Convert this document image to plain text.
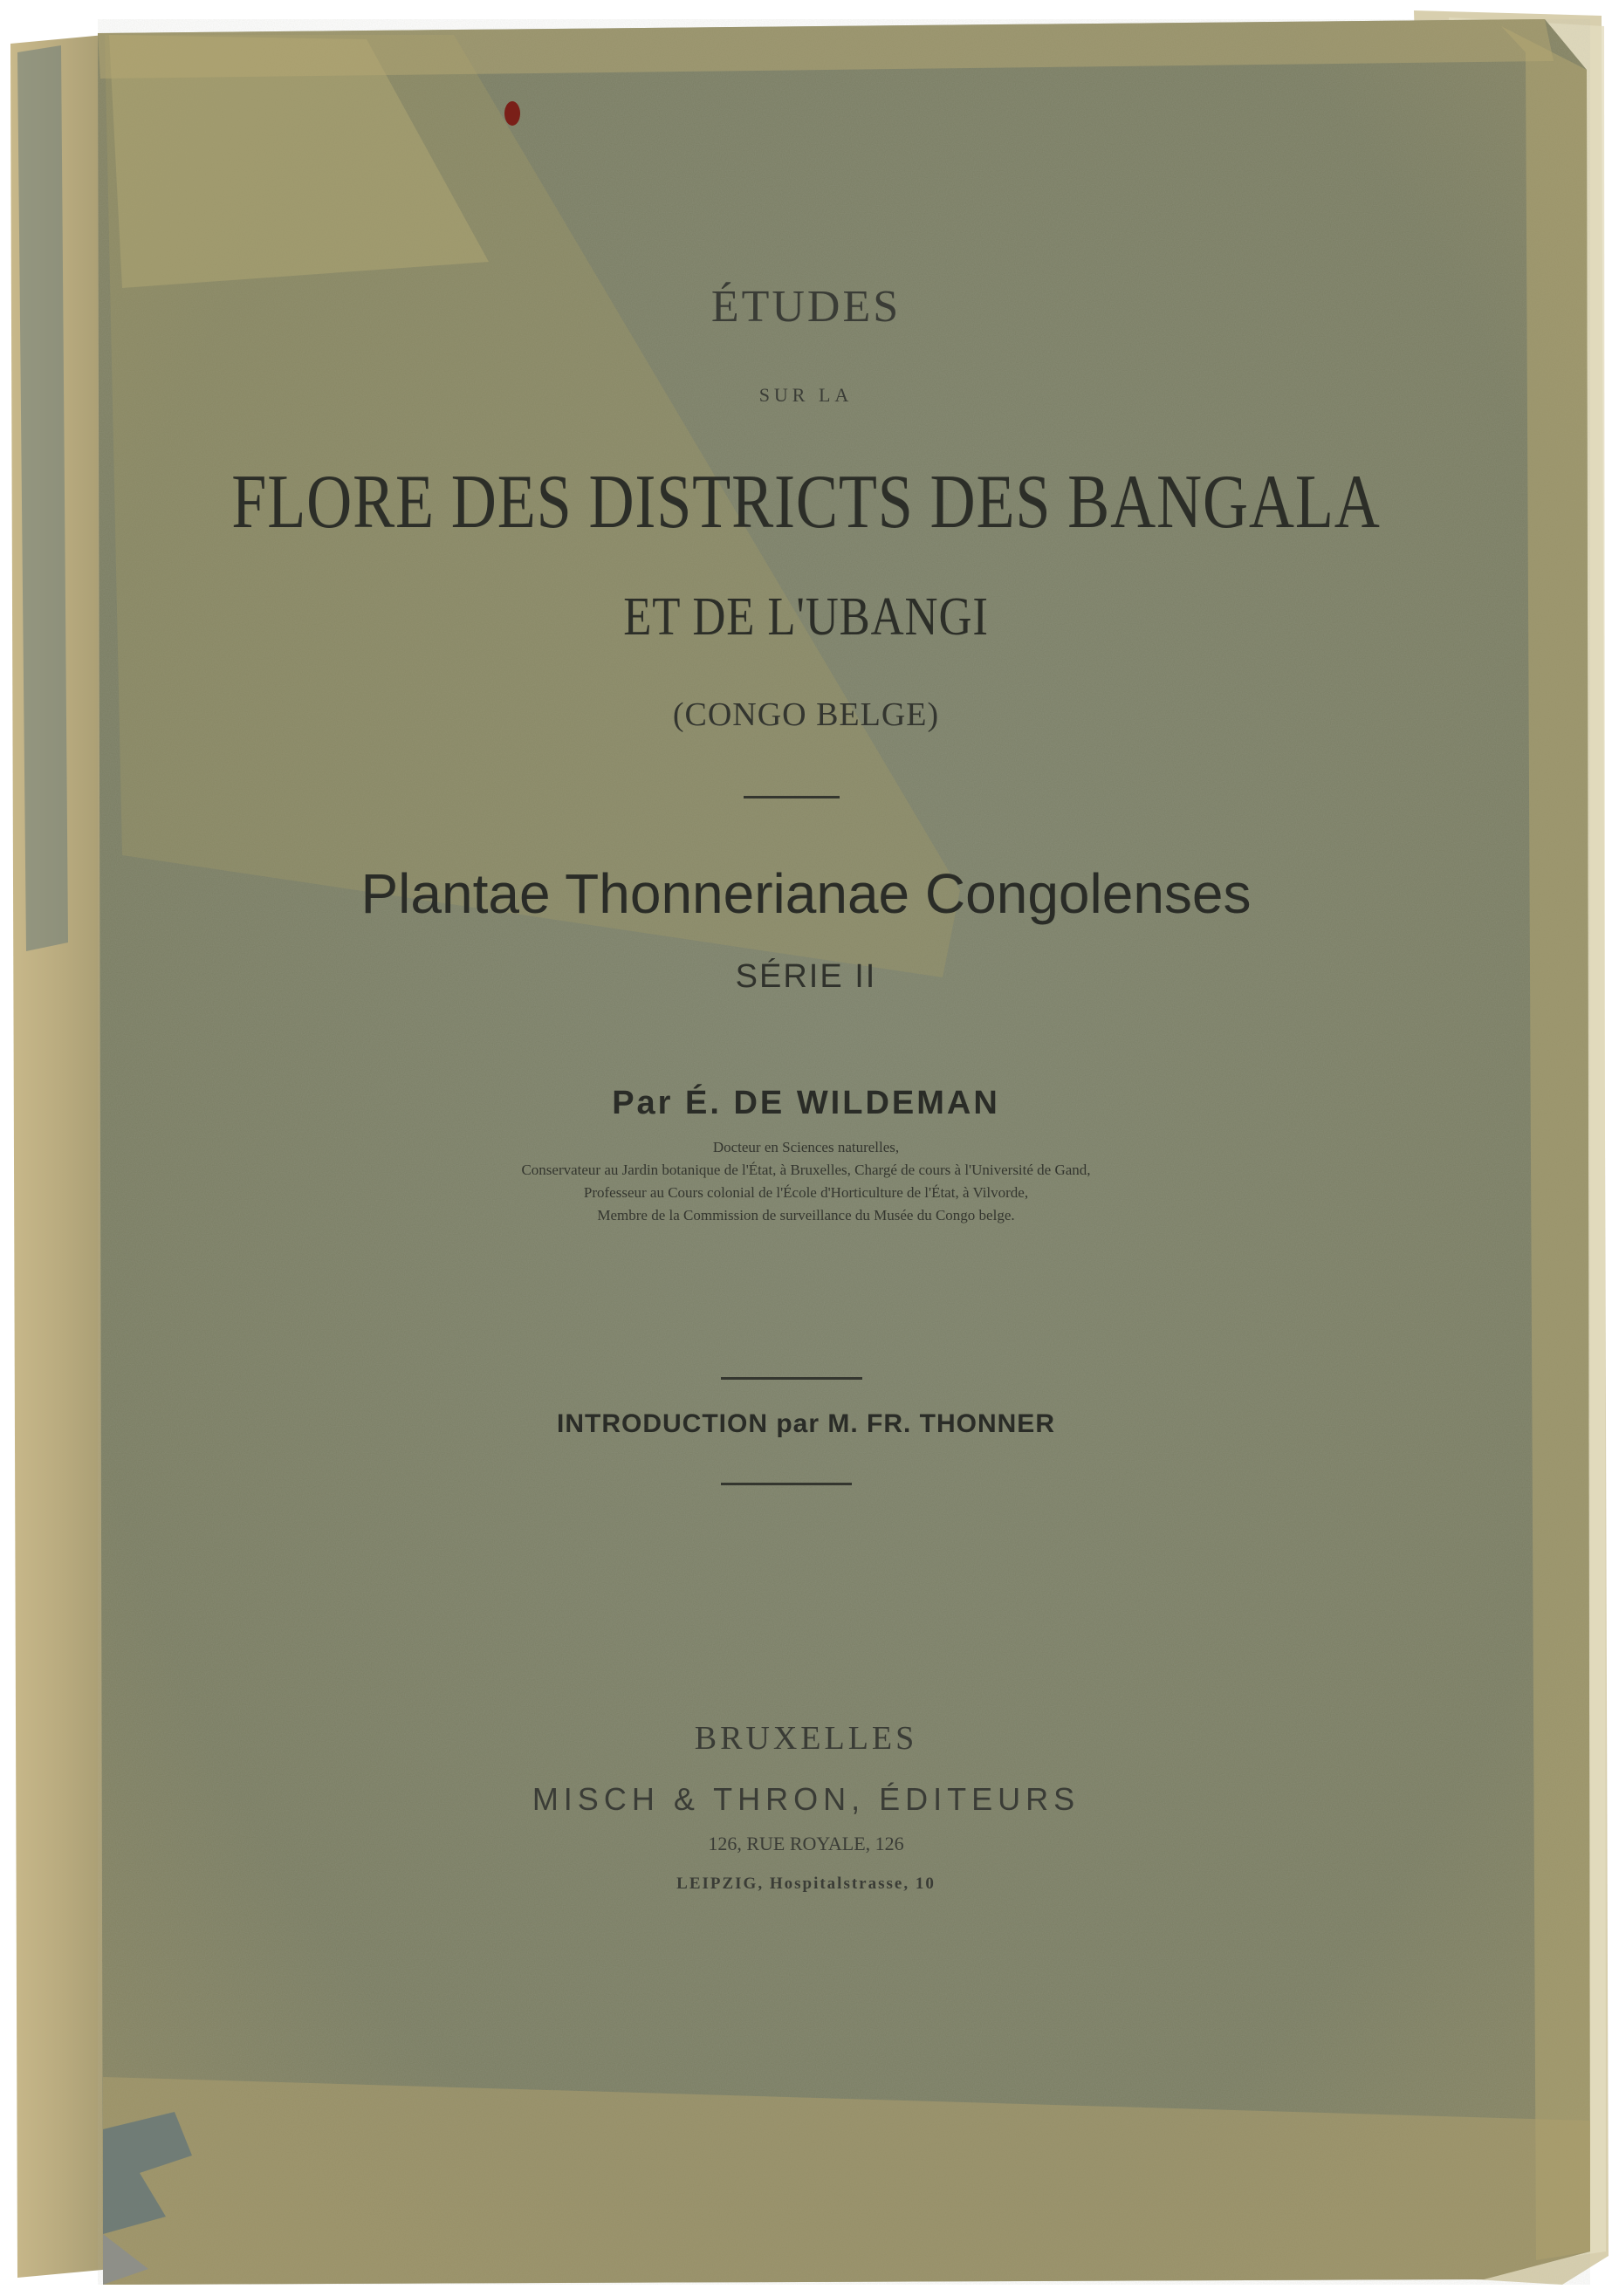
ÉTUDES

SUR LA

FLORE DES DISTRICTS DES BANGALA

ET DE L'UBANGI

(CONGO BELGE)

Plantae Thonnerianae Congolenses

SÉRIE II

Par É. DE WILDEMAN

Docteur en Sciences naturelles,

Conservateur au Jardin botanique de l'État, à Bruxelles, Chargé de cours à l'Université de Gand,

Professeur au Cours colonial de l'École d'Horticulture de l'État, à Vilvorde,

Membre de la Commission de surveillance du Musée du Congo belge.

INTRODUCTION par M. FR. THONNER

BRUXELLES

MISCH & THRON, ÉDITEURS

126, RUE ROYALE, 126

LEIPZIG, Hospitalstrasse, 10
